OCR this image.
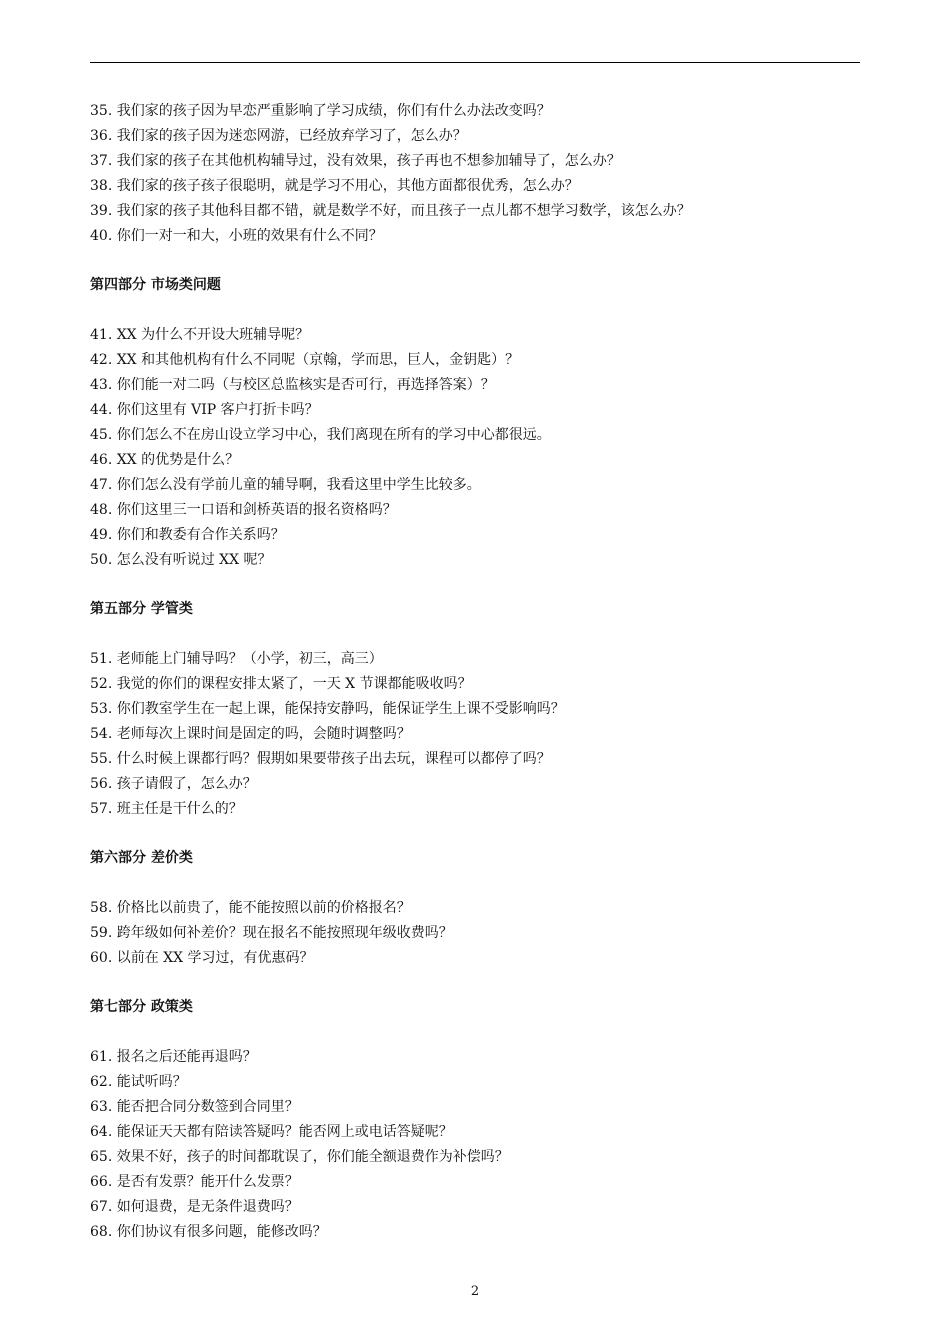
35. 我们家的孩子因为早恋严重影响了学习成绩，你们有什么办法改变吗？
36. 我们家的孩子因为迷恋网游，已经放弃学习了，怎么办？
37. 我们家的孩子在其他机构辅导过，没有效果，孩子再也不想参加辅导了，怎么办？
38. 我们家的孩子孩子很聪明，就是学习不用心，其他方面都很优秀，怎么办？
39. 我们家的孩子其他科目都不错，就是数学不好，而且孩子一点儿都不想学习数学，该怎么办？
40. 你们一对一和大，小班的效果有什么不同？
第四部分 市场类问题
41. XX 为什么不开设大班辅导呢？
42. XX 和其他机构有什么不同呢（京翰，学而思，巨人，金钥匙）？
43. 你们能一对二吗（与校区总监核实是否可行，再选择答案）？
44. 你们这里有 VIP 客户打折卡吗？
45. 你们怎么不在房山设立学习中心，我们离现在所有的学习中心都很远。
46. XX 的优势是什么？
47. 你们怎么没有学前儿童的辅导啊，我看这里中学生比较多。
48. 你们这里三一口语和剑桥英语的报名资格吗？
49. 你们和教委有合作关系吗？
50. 怎么没有听说过 XX 呢？
第五部分 学管类
51. 老师能上门辅导吗？（小学，初三，高三）
52. 我觉的你们的课程安排太紧了，一天 X 节课都能吸收吗？
53. 你们教室学生在一起上课，能保持安静吗，能保证学生上课不受影响吗？
54. 老师每次上课时间是固定的吗，会随时调整吗？
55. 什么时候上课都行吗？假期如果要带孩子出去玩，课程可以都停了吗？
56. 孩子请假了，怎么办？
57. 班主任是干什么的？
第六部分 差价类
58. 价格比以前贵了，能不能按照以前的价格报名？
59. 跨年级如何补差价？现在报名不能按照现年级收费吗？
60. 以前在 XX 学习过，有优惠码？
第七部分 政策类
61. 报名之后还能再退吗？
62. 能试听吗？
63. 能否把合同分数签到合同里？
64. 能保证天天都有陪读答疑吗？能否网上或电话答疑呢？
65. 效果不好，孩子的时间都耽误了，你们能全额退费作为补偿吗？
66. 是否有发票？能开什么发票？
67. 如何退费，是无条件退费吗？
68. 你们协议有很多问题，能修改吗？
2
